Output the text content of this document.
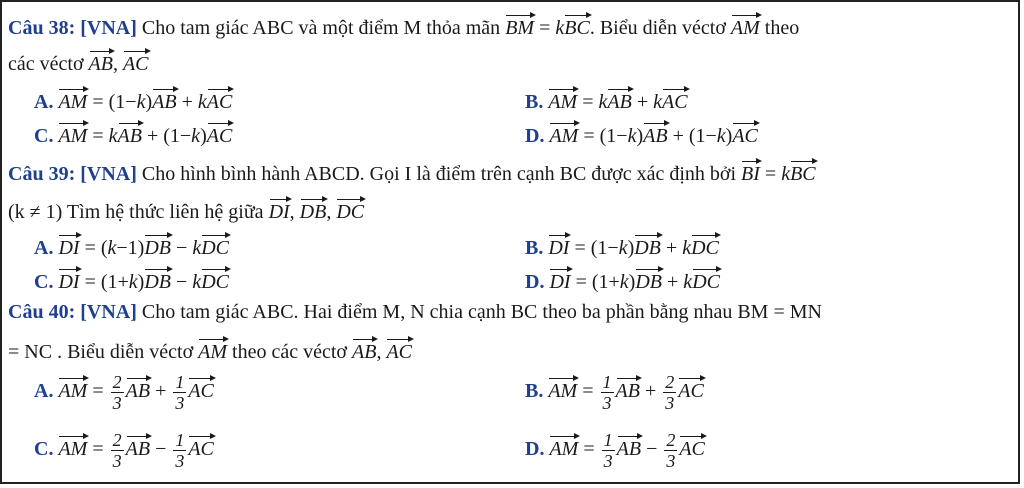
Câu 38: [VNA] Cho tam giác ABC và một điểm M thỏa mãn BM = kBC. Biểu diễn véctơ AM theo
các véctơ AB, AC
A. AM = (1−k)AB + kAC	B. AM = kAB + kAC
C. AM = kAB + (1−k)AC	D. AM = (1−k)AB + (1−k)AC
Câu 39: [VNA] Cho hình bình hành ABCD. Gọi I là điểm trên cạnh BC được xác định bởi BI = kBC
(k ≠ 1) Tìm hệ thức liên hệ giữa DI, DB, DC
A. DI = (k−1)DB − kDC	B. DI = (1−k)DB + kDC
C. DI = (1+k)DB − kDC	D. DI = (1+k)DB + kDC
Câu 40: [VNA] Cho tam giác ABC. Hai điểm M, N chia cạnh BC theo ba phần bằng nhau BM = MN
= NC . Biểu diễn véctơ AM theo các véctơ AB, AC
A. AM = $\frac{2}{3}$ AB + $\frac{1}{3}$ AC	B. AM = $\frac{1}{3}$ AB + $\frac{2}{3}$ AC
C. AM = $\frac{2}{3}$ AB − $\frac{1}{3}$ AC	D. AM = $\frac{1}{3}$ AB − $\frac{2}{3}$ AC
